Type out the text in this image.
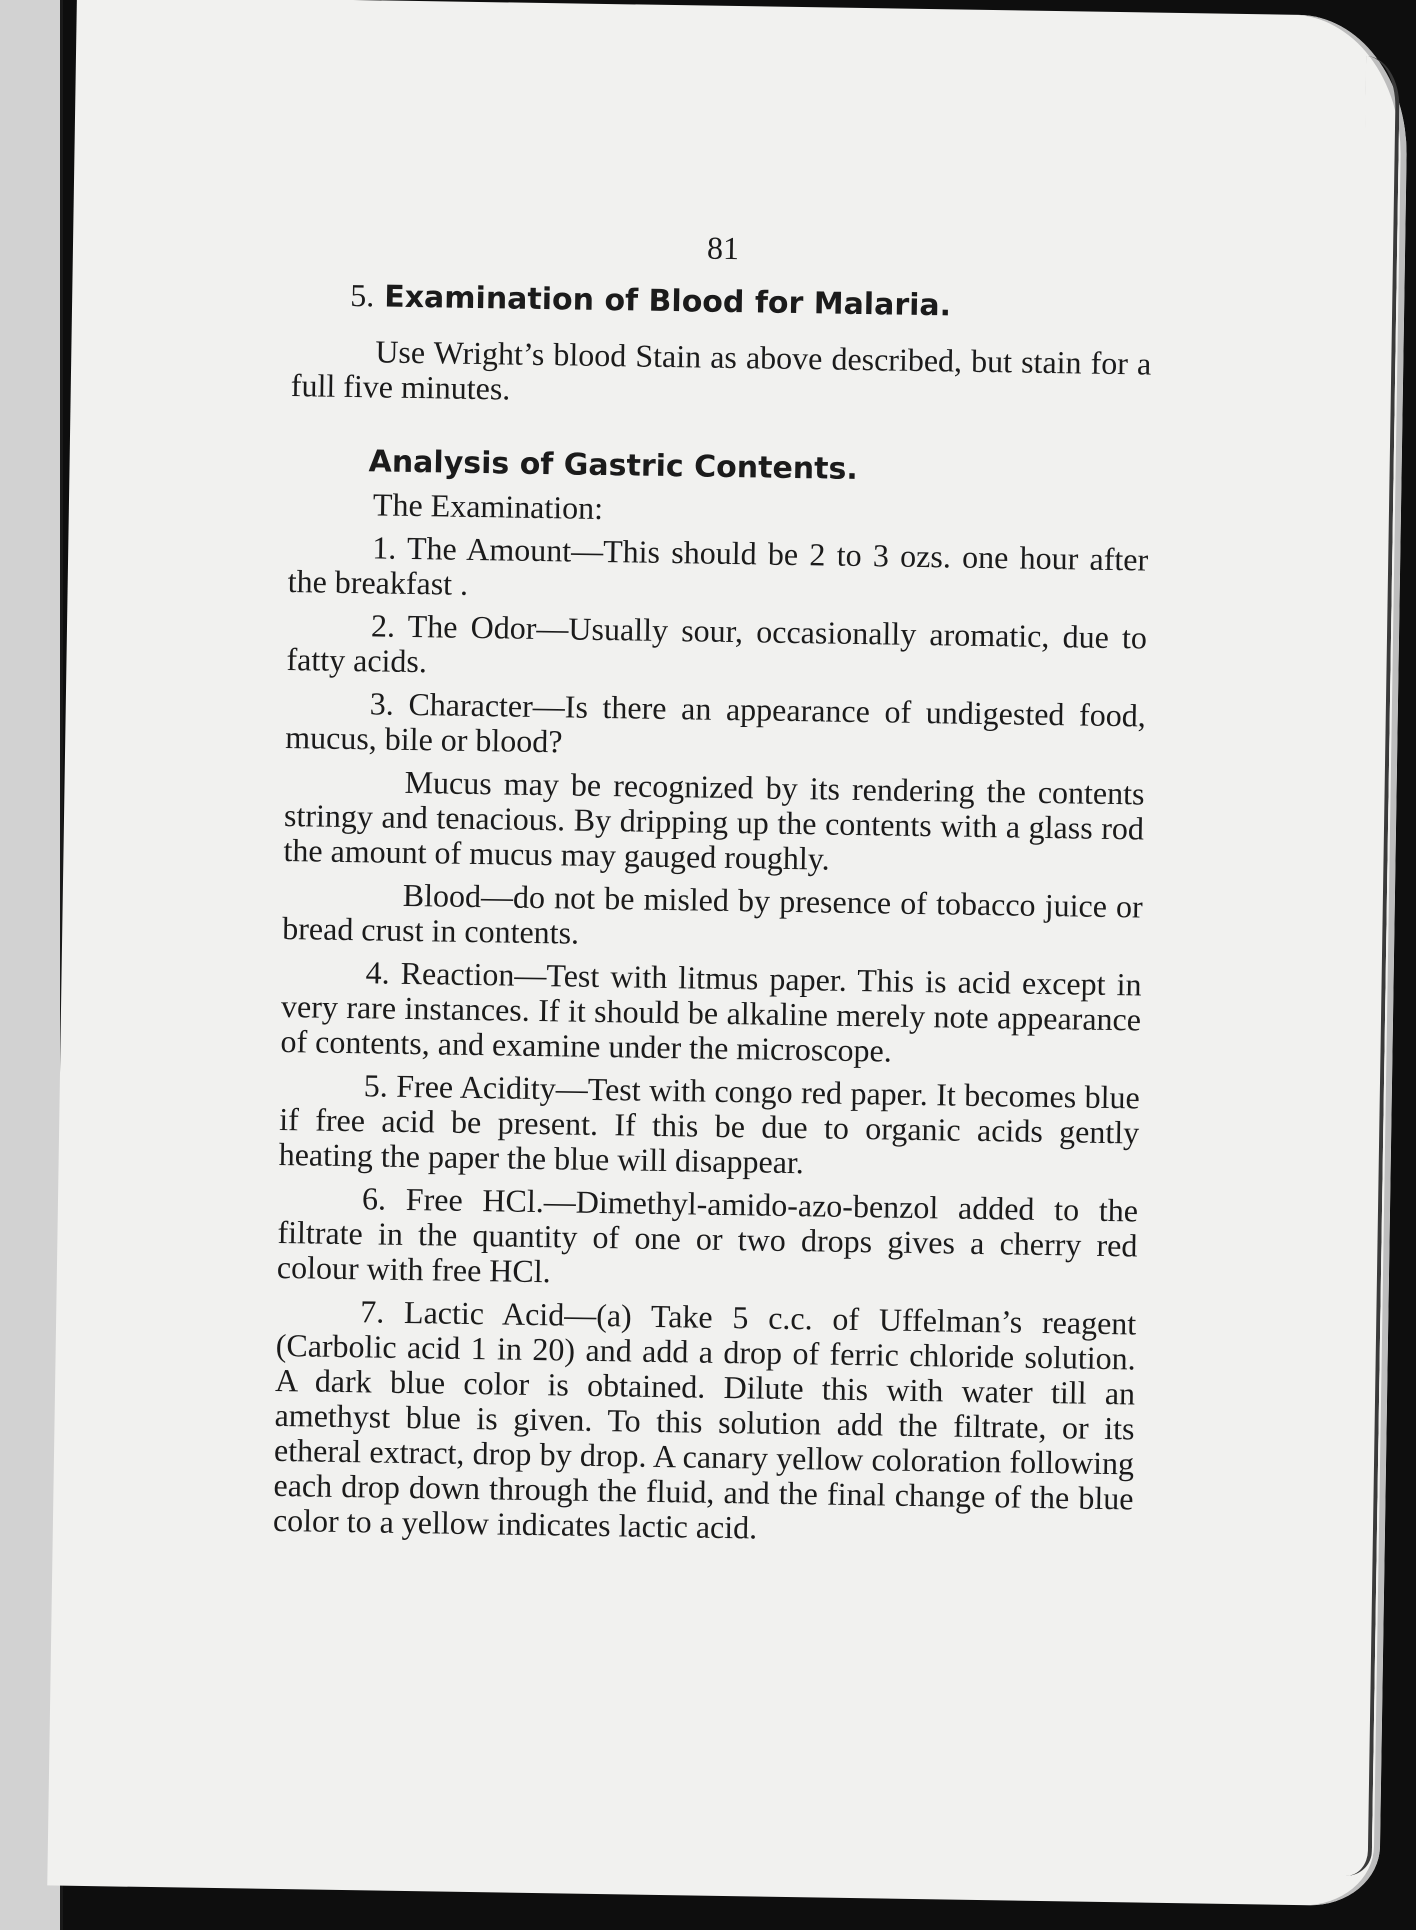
81
5. Examination of Blood for Malaria.

Use Wright’s blood Stain as above described, but stain for a full five minutes.

Analysis of Gastric Contents.

The Examination:

1. The Amount—This should be 2 to 3 ozs. one hour after the breakfast .

2. The Odor—Usually sour, occasionally aromatic, due to fatty acids.

3. Character—Is there an appearance of undigested food, mucus, bile or blood?

Mucus may be recognized by its rendering the contents stringy and tenacious. By dripping up the contents with a glass rod the amount of mucus may gauged roughly.

Blood—do not be misled by presence of tobacco juice or bread crust in contents.

4. Reaction—Test with litmus paper. This is acid except in very rare instances. If it should be alkaline merely note appearance of contents, and examine under the microscope.

5. Free Acidity—Test with congo red paper. It becomes blue if free acid be present. If this be due to organic acids gently heating the paper the blue will disappear.

6. Free HCl.—Dimethyl-amido-azo-benzol added to the filtrate in the quantity of one or two drops gives a cherry red colour with free HCl.

7. Lactic Acid—(a) Take 5 c.c. of Uffelman’s reagent (Carbolic acid 1 in 20) and add a drop of ferric chloride solution. A dark blue color is obtained. Dilute this with water till an amethyst blue is given. To this solution add the filtrate, or its etheral extract, drop by drop. A canary yellow coloration following each drop down through the fluid, and the final change of the blue color to a yellow indicates lactic acid.
